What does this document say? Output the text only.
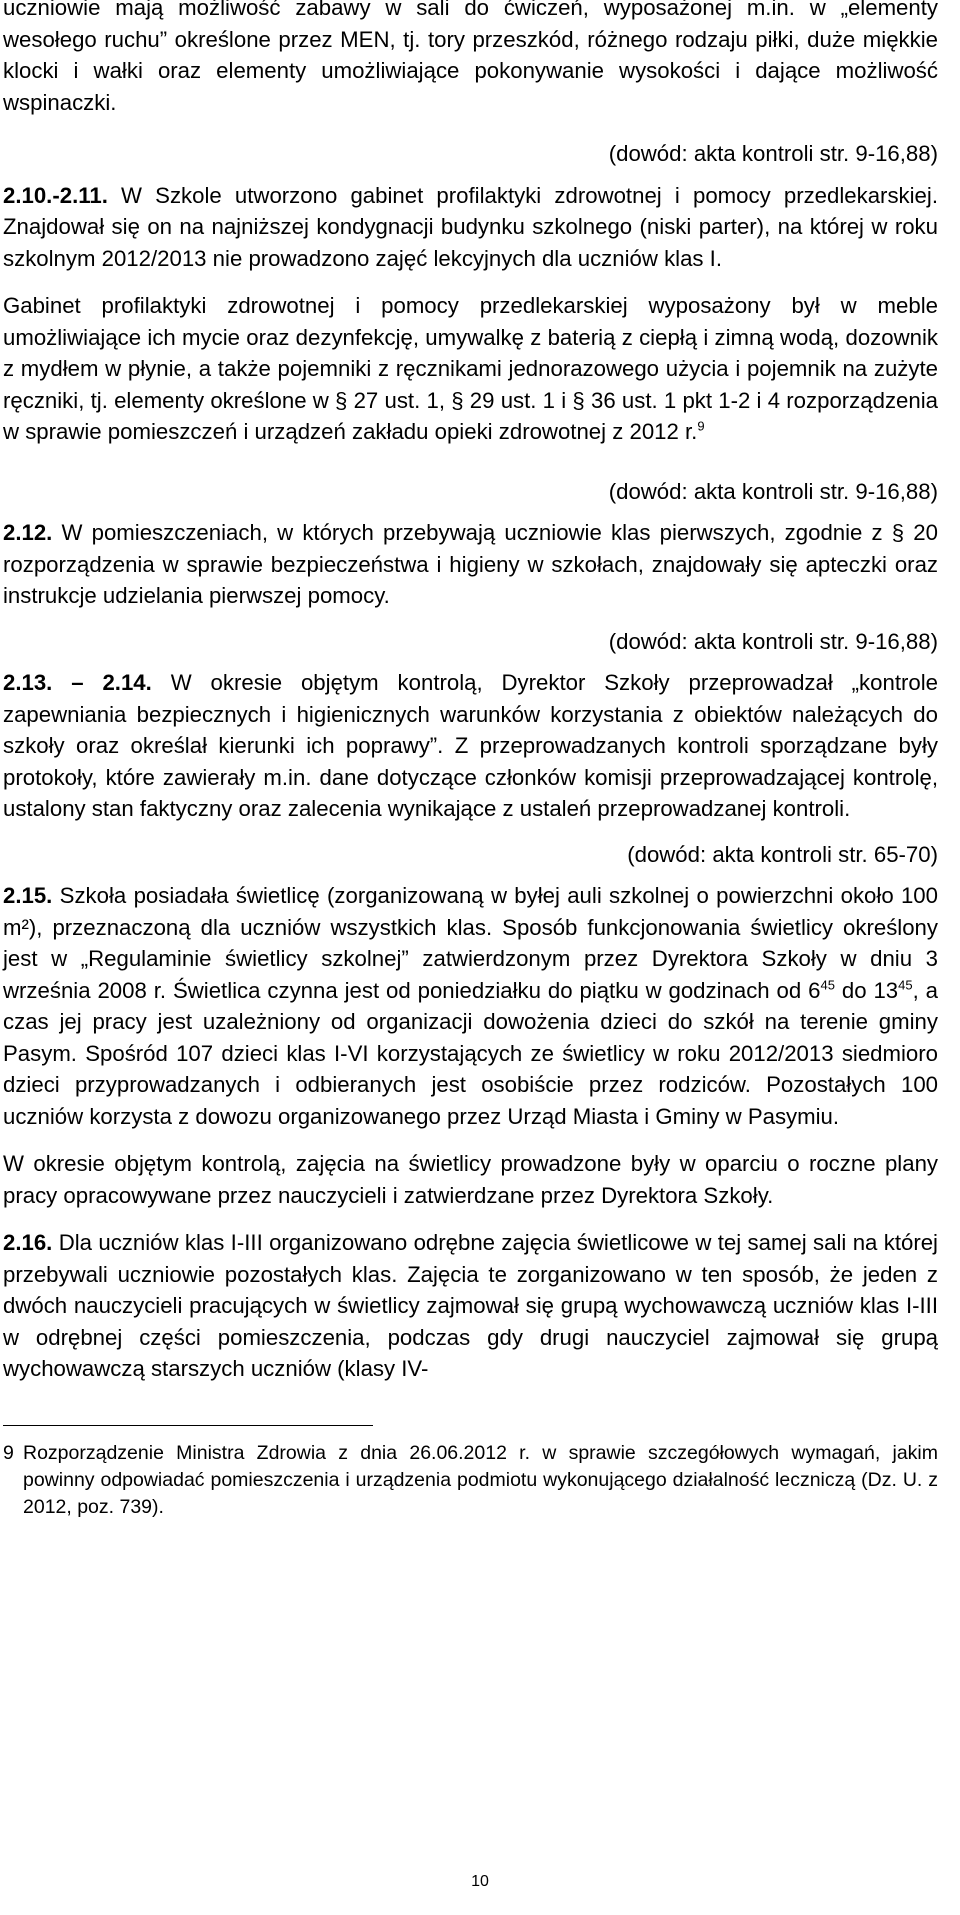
uczniowie mają możliwość zabawy w sali do ćwiczeń, wyposażonej m.in. w „elementy wesołego ruchu” określone przez MEN, tj. tory przeszkód, różnego rodzaju piłki, duże miękkie klocki i wałki oraz elementy umożliwiające pokonywanie wysokości i dające możliwość wspinaczki.

(dowód: akta kontroli str. 9-16,88)

2.10.-2.11. W Szkole utworzono gabinet profilaktyki zdrowotnej i pomocy przedlekarskiej. Znajdował się on na najniższej kondygnacji budynku szkolnego (niski parter), na której w roku szkolnym 2012/2013 nie prowadzono zajęć lekcyjnych dla uczniów klas I.

Gabinet profilaktyki zdrowotnej i pomocy przedlekarskiej wyposażony był w meble umożliwiające ich mycie oraz dezynfekcję, umywalkę z baterią z ciepłą i zimną wodą, dozownik z mydłem w płynie, a także pojemniki z ręcznikami jednorazowego użycia i pojemnik na zużyte ręczniki, tj. elementy określone w § 27 ust. 1, § 29 ust. 1 i § 36 ust. 1 pkt 1-2 i 4 rozporządzenia w sprawie pomieszczeń i urządzeń zakładu opieki zdrowotnej z 2012 r.$^9$

(dowód: akta kontroli str. 9-16,88)

2.12. W pomieszczeniach, w których przebywają uczniowie klas pierwszych, zgodnie z § 20 rozporządzenia w sprawie bezpieczeństwa i higieny w szkołach, znajdowały się apteczki oraz instrukcje udzielania pierwszej pomocy.

(dowód: akta kontroli str. 9-16,88)

2.13. – 2.14. W okresie objętym kontrolą, Dyrektor Szkoły przeprowadzał „kontrole zapewniania bezpiecznych i higienicznych warunków korzystania z obiektów należących do szkoły oraz określał kierunki ich poprawy”. Z przeprowadzanych kontroli sporządzane były protokoły, które zawierały m.in. dane dotyczące członków komisji przeprowadzającej kontrolę, ustalony stan faktyczny oraz zalecenia wynikające z ustaleń przeprowadzanej kontroli.

(dowód: akta kontroli str. 65-70)

2.15. Szkoła posiadała świetlicę (zorganizowaną w byłej auli szkolnej o powierzchni około 100 m²), przeznaczoną dla uczniów wszystkich klas. Sposób funkcjonowania świetlicy określony jest w „Regulaminie świetlicy szkolnej” zatwierdzonym przez Dyrektora Szkoły w dniu 3 września 2008 r. Świetlica czynna jest od poniedziałku do piątku w godzinach od $6^{45}$ do $13^{45}$, a czas jej pracy jest uzależniony od organizacji dowożenia dzieci do szkół na terenie gminy Pasym. Spośród 107 dzieci klas I-VI korzystających ze świetlicy w roku 2012/2013 siedmioro dzieci przyprowadzanych i odbieranych jest osobiście przez rodziców. Pozostałych 100 uczniów korzysta z dowozu organizowanego przez Urząd Miasta i Gminy w Pasymiu.

W okresie objętym kontrolą, zajęcia na świetlicy prowadzone były w oparciu o roczne plany pracy opracowywane przez nauczycieli i zatwierdzane przez Dyrektora Szkoły.

2.16. Dla uczniów klas I-III organizowano odrębne zajęcia świetlicowe w tej samej sali na której przebywali uczniowie pozostałych klas. Zajęcia te zorganizowano w ten sposób, że jeden z dwóch nauczycieli pracujących w świetlicy zajmował się grupą wychowawczą uczniów klas I-III w odrębnej części pomieszczenia, podczas gdy drugi nauczyciel zajmował się grupą wychowawczą starszych uczniów (klasy IV-

9 Rozporządzenie Ministra Zdrowia z dnia 26.06.2012 r. w sprawie szczegółowych wymagań, jakim powinny odpowiadać pomieszczenia i urządzenia podmiotu wykonującego działalność leczniczą (Dz. U. z 2012, poz. 739).

10
